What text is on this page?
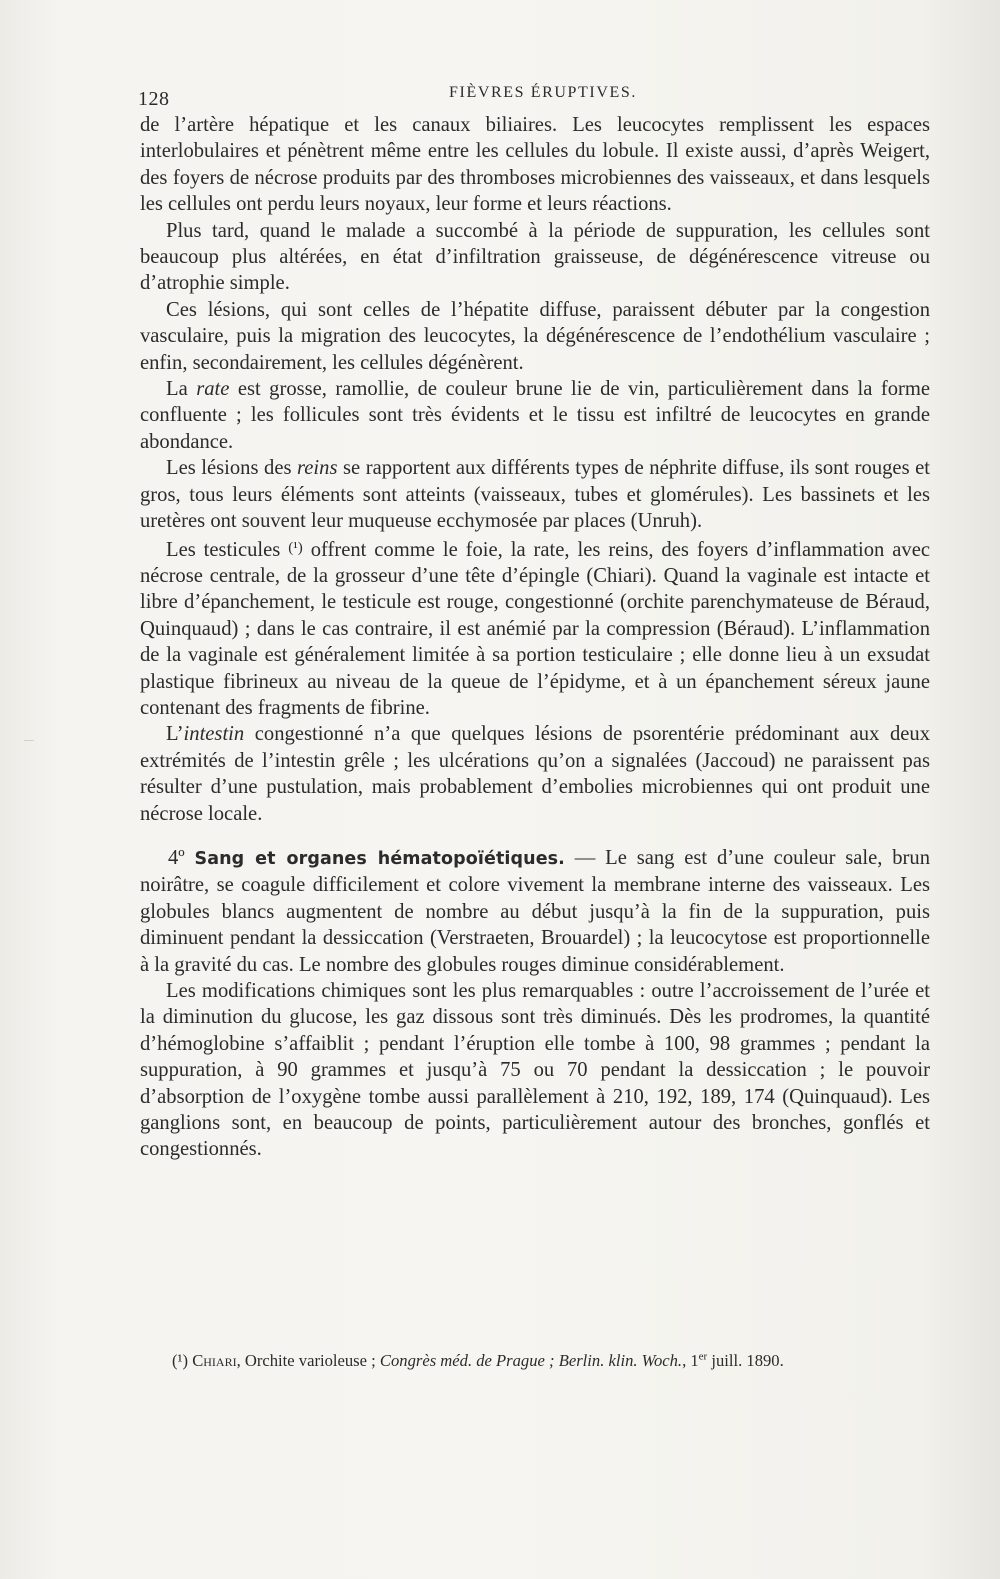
128	FIÈVRES ÉRUPTIVES.

de l’artère hépatique et les canaux biliaires. Les leucocytes remplissent les espaces interlobulaires et pénètrent même entre les cellules du lobule. Il existe aussi, d’après Weigert, des foyers de nécrose produits par des thromboses microbiennes des vaisseaux, et dans lesquels les cellules ont perdu leurs noyaux, leur forme et leurs réactions.

Plus tard, quand le malade a succombé à la période de suppuration, les cellules sont beaucoup plus altérées, en état d’infiltration graisseuse, de dégénérescence vitreuse ou d’atrophie simple.

Ces lésions, qui sont celles de l’hépatite diffuse, paraissent débuter par la congestion vasculaire, puis la migration des leucocytes, la dégénérescence de l’endothélium vasculaire ; enfin, secondairement, les cellules dégénèrent.

La rate est grosse, ramollie, de couleur brune lie de vin, particulièrement dans la forme confluente ; les follicules sont très évidents et le tissu est infiltré de leucocytes en grande abondance.

Les lésions des reins se rapportent aux différents types de néphrite diffuse, ils sont rouges et gros, tous leurs éléments sont atteints (vaisseaux, tubes et glomérules). Les bassinets et les uretères ont souvent leur muqueuse ecchymosée par places (Unruh).

Les testicules (¹) offrent comme le foie, la rate, les reins, des foyers d’inflammation avec nécrose centrale, de la grosseur d’une tête d’épingle (Chiari). Quand la vaginale est intacte et libre d’épanchement, le testicule est rouge, congestionné (orchite parenchymateuse de Béraud, Quinquaud) ; dans le cas contraire, il est anémié par la compression (Béraud). L’inflammation de la vaginale est généralement limitée à sa portion testiculaire ; elle donne lieu à un exsudat plastique fibrineux au niveau de la queue de l’épidyme, et à un épanchement séreux jaune contenant des fragments de fibrine.

L’intestin congestionné n’a que quelques lésions de psorentérie prédominant aux deux extrémités de l’intestin grêle ; les ulcérations qu’on a signalées (Jaccoud) ne paraissent pas résulter d’une pustulation, mais probablement d’embolies microbiennes qui ont produit une nécrose locale.

4º Sang et organes hématopoïétiques. — Le sang est d’une couleur sale, brun noirâtre, se coagule difficilement et colore vivement la membrane interne des vaisseaux. Les globules blancs augmentent de nombre au début jusqu’à la fin de la suppuration, puis diminuent pendant la dessiccation (Verstraeten, Brouardel) ; la leucocytose est proportionnelle à la gravité du cas. Le nombre des globules rouges diminue considérablement.

Les modifications chimiques sont les plus remarquables : outre l’accroissement de l’urée et la diminution du glucose, les gaz dissous sont très diminués. Dès les prodromes, la quantité d’hémoglobine s’affaiblit ; pendant l’éruption elle tombe à 100, 98 grammes ; pendant la suppuration, à 90 grammes et jusqu’à 75 ou 70 pendant la dessiccation ; le pouvoir d’absorption de l’oxygène tombe aussi parallèlement à 210, 192, 189, 174 (Quinquaud). Les ganglions sont, en beaucoup de points, particulièrement autour des bronches, gonflés et congestionnés.

(¹) Chiari, Orchite varioleuse ; Congrès méd. de Prague ; Berlin. klin. Woch., 1er juill. 1890.
